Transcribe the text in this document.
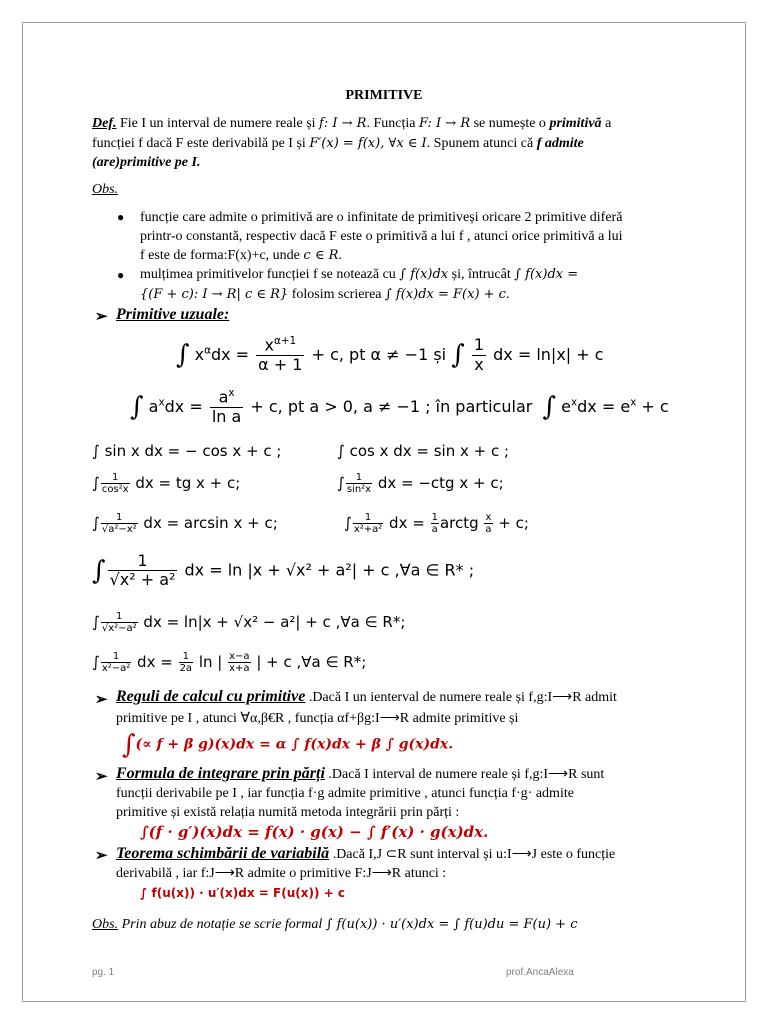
PRIMITIVE
Def. Fie I un interval de numere reale și f: I → R. Funcția F: I → R se numește o primitivă a
funcției f dacă F este derivabilă pe I și F′(x) = f(x), ∀x ∈ I. Spunem atunci că f admite
(are)primitive pe I.
Obs.
● funcție care admite o primitivă are o infinitate de primitiveși oricare 2 primitive diferă
printr-o constantă, respectiv dacă F este o primitivă a lui f , atunci orice primitivă a lui
f este de forma:F(x)+c, unde c ∈ R.
● mulțimea primitivelor funcției f se notează cu ∫ f(x)dx și, întrucât ∫ f(x)dx =
{(F + c): I → R| c ∈ R} folosim scrierea ∫ f(x)dx = F(x) + c.
➢ Primitive uzuale:
∫ $x^\alpha dx = \frac{x^{\alpha+1}}{\alpha + 1} + c$, pt α ≠ −1 și ∫ $\frac{1}{x}$ dx = ln|x| + c
∫ $a^xdx = \frac{a^x}{\text{ln a}} + c$, pt a > 0, a ≠ −1 ; în particular ∫ $e^xdx = e^x + c$
∫ sin x dx = − cos x + c ;	∫ cos x dx = sin x + c ;
∫ $\frac{1}{\text{cos²x}}$ dx = tg x + c;	∫ $\frac{1}{\text{sin²x}}$ dx = −ctg x + c;
∫ $\frac{1}{\text{√a²−x²}}$ dx = arcsin x + c;	∫ $\frac{1}{\text{x²+a²}}$ dx = $\frac{1}{a}$ arctg $\frac{x}{a} + c$;
∫ $\frac{1}{\text{√x² + a²}}$ dx = ln |x + √x² + a²| + c ,∀a ∈ R* ;
∫ $\frac{1}{\text{√x²−a²}}$ dx = ln|x + √x² − a²| + c ,∀a ∈ R*;
∫ $\frac{1}{\text{x²−a²}}$ dx = $\frac{1}{2a}$ ln | $\frac{x-a}{x+a}$ | + c ,∀a ∈ R*;
➢ Reguli de calcul cu primitive .Dacă I un ienterval de numere reale și f,g:I⟶R admit
primitive pe I , atunci ∀α,β€R , funcția αf+βg:I⟶R admite primitive și
∫(∝ f + β g)(x)dx = α ∫ f(x)dx + β ∫ g(x)dx.
➢ Formula de integrare prin părți .Dacă I interval de numere reale și f,g:I⟶R sunt
funcții derivabile pe I , iar funcția f·g admite primitive , atunci funcția f·g· admite
primitive și există relația numită metoda integrării prin părți :
∫(f · g′)(x)dx = f(x) · g(x) − ∫ f′(x) · g(x)dx.
➢ Teorema schimbării de variabilă .Dacă I,J ⊂R sunt interval și u:I⟶J este o funcție
derivabilă , iar f:J⟶R admite o primitive F:J⟶R atunci :
∫ f(u(x)) · u′(x)dx = F(u(x)) + c
Obs. Prin abuz de notație se scrie formal ∫ f(u(x)) · u′(x)dx = ∫ f(u)du = F(u) + c
pg. 1	prof.AncaAlexa
